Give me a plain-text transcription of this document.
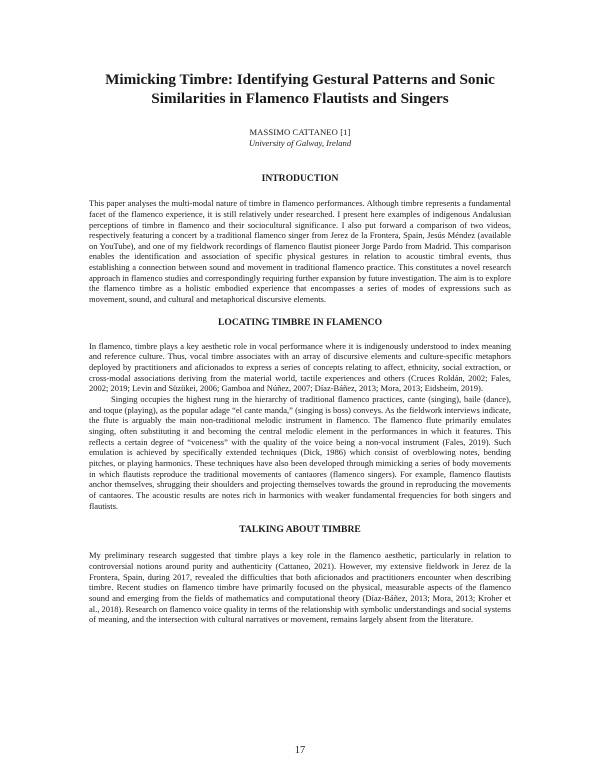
Mimicking Timbre: Identifying Gestural Patterns and Sonic Similarities in Flamenco Flautists and Singers
MASSIMO CATTANEO [1]
University of Galway, Ireland
INTRODUCTION

This paper analyses the multi-modal nature of timbre in flamenco performances. Although timbre represents a fundamental facet of the flamenco experience, it is still relatively under researched. I present here examples of indigenous Andalusian perceptions of timbre in flamenco and their sociocultural significance. I also put forward a comparison of two videos, respectively featuring a concert by a traditional flamenco singer from Jerez de la Frontera, Spain, Jesús Méndez (available on YouTube), and one of my fieldwork recordings of flamenco flautist pioneer Jorge Pardo from Madrid. This comparison enables the identification and association of specific physical gestures in relation to acoustic timbral events, thus establishing a connection between sound and movement in traditional flamenco practice. This constitutes a novel research approach in flamenco studies and correspondingly requiring further expansion by future investigation. The aim is to explore the flamenco timbre as a holistic embodied experience that encompasses a series of modes of expressions such as movement, sound, and cultural and metaphorical discursive elements.

LOCATING TIMBRE IN FLAMENCO

In flamenco, timbre plays a key aesthetic role in vocal performance where it is indigenously understood to index meaning and reference culture. Thus, vocal timbre associates with an array of discursive elements and culture-specific metaphors deployed by practitioners and aficionados to express a series of concepts relating to affect, ethnicity, social extraction, or cross-modal associations deriving from the material world, tactile experiences and others (Cruces Roldán, 2002; Fales, 2002; 2019; Levin and Süzükei, 2006; Gamboa and Núñez, 2007; Díaz-Báñez, 2013; Mora, 2013; Eidsheim, 2019).

Singing occupies the highest rung in the hierarchy of traditional flamenco practices, cante (singing), baile (dance), and toque (playing), as the popular adage “el cante manda,” (singing is boss) conveys. As the fieldwork interviews indicate, the flute is arguably the main non-traditional melodic instrument in flamenco. The flamenco flute primarily emulates singing, often substituting it and becoming the central melodic element in the performances in which it features. This reflects a certain degree of “voiceness” with the quality of the voice being a non-vocal instrument (Fales, 2019). Such emulation is achieved by specifically extended techniques (Dick, 1986) which consist of overblowing notes, bending pitches, or playing harmonics. These techniques have also been developed through mimicking a series of body movements in which flautists reproduce the traditional movements of cantaores (flamenco singers). For example, flamenco flautists anchor themselves, shrugging their shoulders and projecting themselves towards the ground in reproducing the movements of cantaores. The acoustic results are notes rich in harmonics with weaker fundamental frequencies for both singers and flautists.

TALKING ABOUT TIMBRE

My preliminary research suggested that timbre plays a key role in the flamenco aesthetic, particularly in relation to controversial notions around purity and authenticity (Cattaneo, 2021). However, my extensive fieldwork in Jerez de la Frontera, Spain, during 2017, revealed the difficulties that both aficionados and practitioners encounter when describing timbre. Recent studies on flamenco timbre have primarily focused on the physical, measurable aspects of the flamenco sound and emerging from the fields of mathematics and computational theory (Díaz-Báñez, 2013; Mora, 2013; Kroher et al., 2018). Research on flamenco voice quality in terms of the relationship with symbolic understandings and social systems of meaning, and the intersection with cultural narratives or movement, remains largely absent from the literature.

17
